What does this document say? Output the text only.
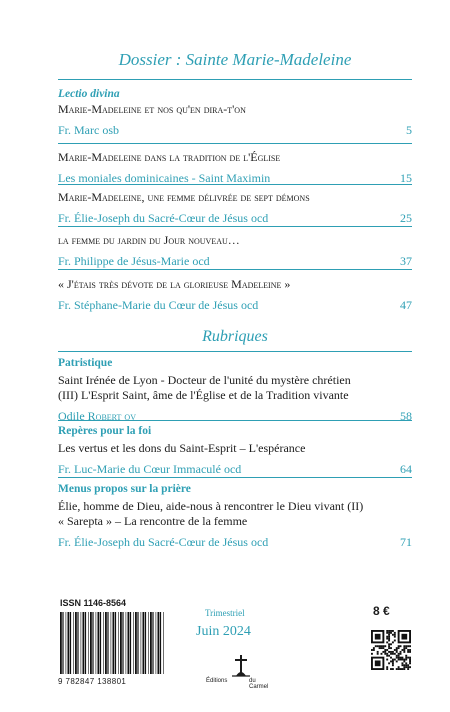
Dossier : Sainte Marie-Madeleine
Lectio divina
Marie-Madeleine et nos qu'en dira-t'on
Fr. Marc osb	5
Marie-Madeleine dans la tradition de l'Église
Les moniales dominicaines - Saint Maximin	15
Marie-Madeleine, une femme délivrée de sept démons
Fr. Élie-Joseph du Sacré-Cœur de Jésus ocd	25
la femme du jardin du Jour nouveau…
Fr. Philippe de Jésus-Marie ocd	37
« J'étais très dévote de la glorieuse Madeleine »
Fr. Stéphane-Marie du Cœur de Jésus ocd	47
Rubriques
Patristique
Saint Irénée de Lyon - Docteur de l'unité du mystère chrétien
(III) L'Esprit Saint, âme de l'Église et de la Tradition vivante
Odile Robert ov	58
Repères pour la foi
Les vertus et les dons du Saint-Esprit – L'espérance
Fr. Luc-Marie du Cœur Immaculé ocd	64
Menus propos sur la prière
Élie, homme de Dieu, aide-nous à rencontrer le Dieu vivant (II)
« Sarepta » – La rencontre de la femme
Fr. Élie-Joseph du Sacré-Cœur de Jésus ocd	71
ISSN 1146-8564
9 782847 138801
Trimestriel
Juin 2024
Éditions	du Carmel
8 €
